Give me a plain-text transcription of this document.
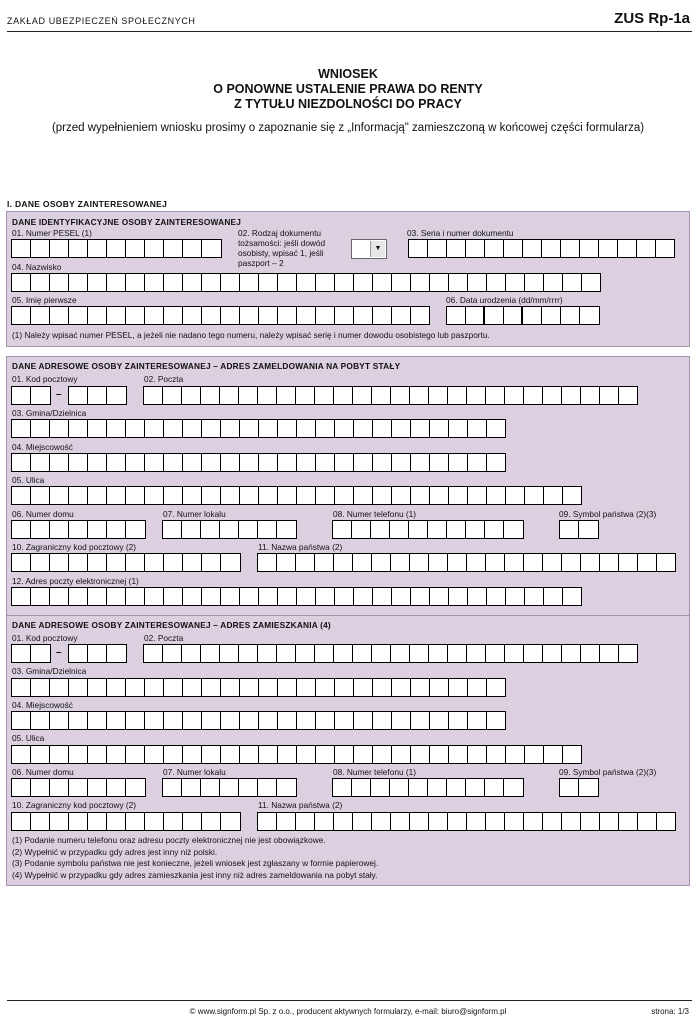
ZAKŁAD UBEZPIECZEŃ SPOŁECZNYCH	ZUS Rp-1a
WNIOSEK
O PONOWNE USTALENIE PRAWA DO RENTY
Z TYTUŁU NIEZDOLNOŚCI DO PRACY
(przed wypełnieniem wniosku prosimy o zapoznanie się z „Informacją" zamieszczoną w końcowej części formularza)
I. DANE OSOBY ZAINTERESOWANEJ
DANE IDENTYFIKACYJNE OSOBY ZAINTERESOWANEJ
01. Numer PESEL (1)	02. Rodzaj dokumentu tożsamości: jeśli dowód osobisty, wpisać 1, jeśli paszport – 2
▼
03. Seria i numer dokumentu
04. Nazwisko
05. Imię pierwsze	06. Data urodzenia (dd/mm/rrrr)
(1) Należy wpisać numer PESEL, a jeżeli nie nadano tego numeru, należy wpisać serię i numer dowodu osobistego lub paszportu.
DANE ADRESOWE OSOBY ZAINTERESOWANEJ – ADRES ZAMELDOWANIA NA POBYT STAŁY
01. Kod pocztowy
–
02. Poczta
03. Gmina/Dzielnica
04. Miejscowość
05. Ulica
06. Numer domu	07. Numer lokalu	08. Numer telefonu (1)	09. Symbol państwa (2)(3)
10. Zagraniczny kod pocztowy (2)	11. Nazwa państwa (2)
12. Adres poczty elektronicznej (1)
DANE ADRESOWE OSOBY ZAINTERESOWANEJ – ADRES ZAMIESZKANIA (4)
01. Kod pocztowy
–
02. Poczta
03. Gmina/Dzielnica
04. Miejscowość
05. Ulica
06. Numer domu	07. Numer lokalu	08. Numer telefonu (1)	09. Symbol państwa (2)(3)
10. Zagraniczny kod pocztowy (2)	11. Nazwa państwa (2)
(1) Podanie numeru telefonu oraz adresu poczty elektronicznej nie jest obowiązkowe.
(2) Wypełnić w przypadku gdy adres jest inny niż polski.
(3) Podanie symbolu państwa nie jest konieczne, jeżeli wniosek jest zgłaszany w formie papierowej.
(4) Wypełnić w przypadku gdy adres zamieszkania jest inny niż adres zameldowania na pobyt stały.
© www.signform.pl Sp. z o.o., producent aktywnych formularzy, e-mail: biuro@signform.pl	strona: 1/3
